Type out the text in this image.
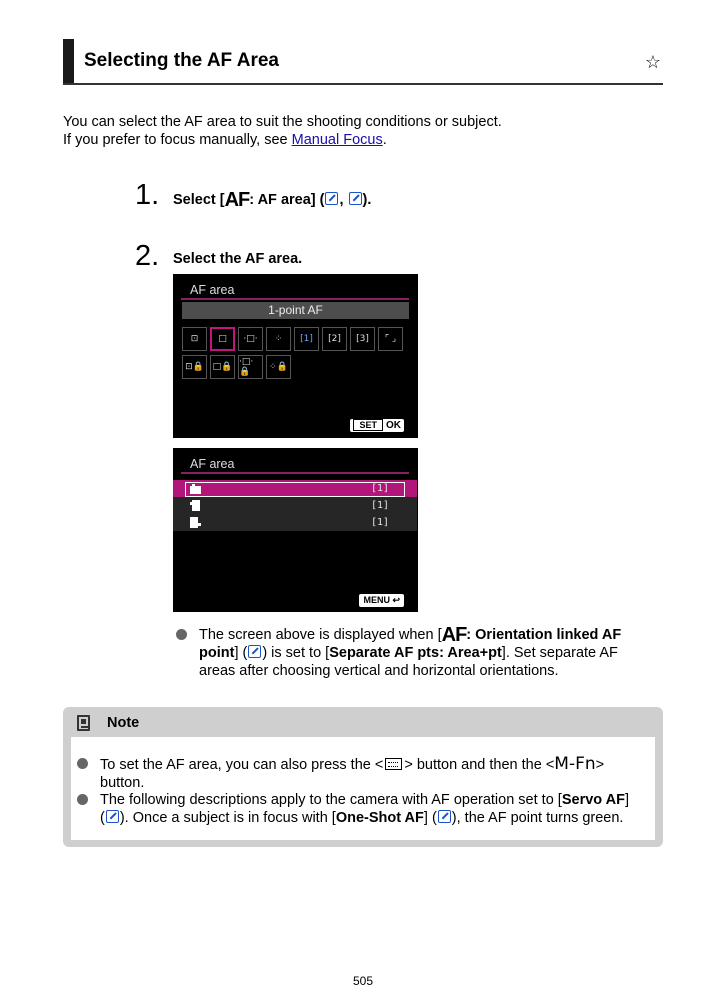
Selecting the AF Area	☆
You can select the AF area to suit the shooting conditions or subject.
If you prefer to focus manually, see Manual Focus.
1. Select [AF: AF area] ( , ).
2. Select the AF area.
AF area
1-point AF
⊡	□	·□·	⁘	[1]	[2]	[3]	⌜ ⌟
⊡🔒 □🔒 ·□·🔒	⁘🔒
SET OK
AF area
[1]
[1]
[1]
MENU ↩
The screen above is displayed when [AF: Orientation linked AF point] ( ) is set to [Separate AF pts: Area+pt]. Set separate AF areas after choosing vertical and horizontal orientations.
Note
To set the AF area, you can also press the < > button and then the <M-Fn>
button.
The following descriptions apply to the camera with AF operation set to [Servo AF]
( ). Once a subject is in focus with [One-Shot AF] ( ), the AF point turns green.
505
